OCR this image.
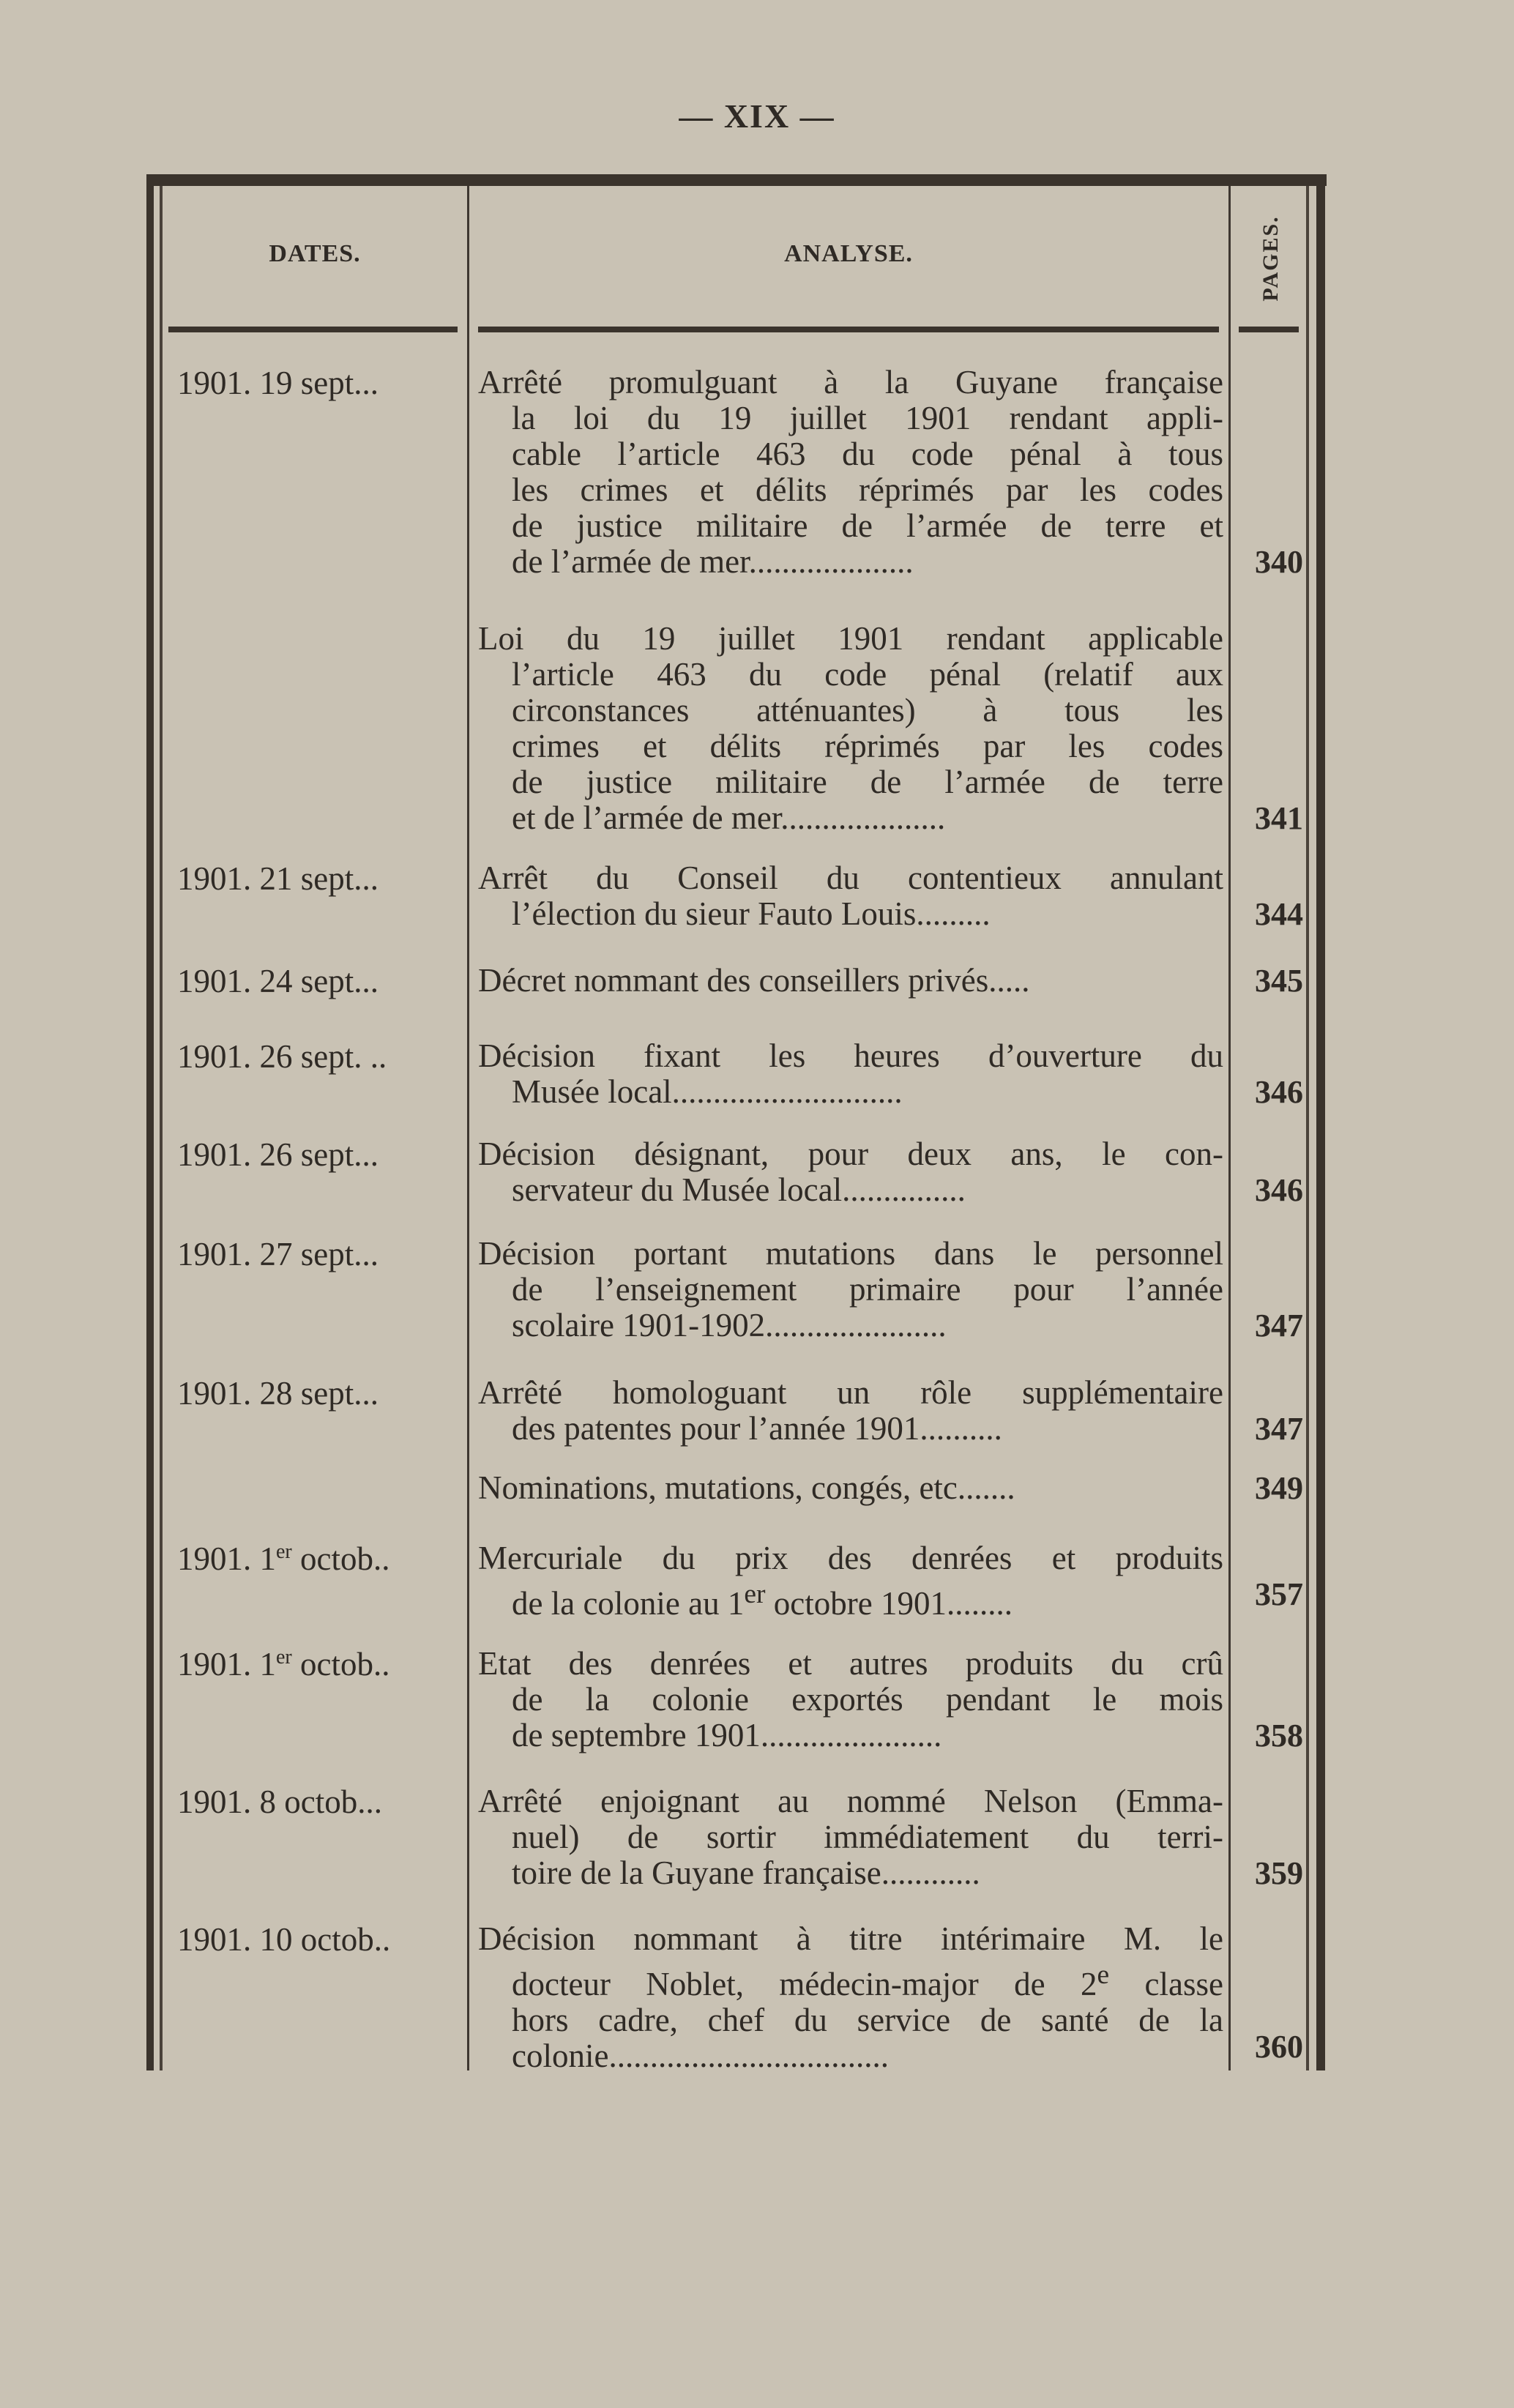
— XIX —
DATES.	ANALYSE.	PAGES.
1901. 19 sept...	Arrêté promulguant à la Guyane française
la loi du 19 juillet 1901 rendant appli-
cable l’article 463 du code pénal à tous
les crimes et délits réprimés par les codes
de justice militaire de l’armée de terre et
de l’armée de mer....................	340
Loi du 19 juillet 1901 rendant applicable
l’article 463 du code pénal (relatif aux
circonstances atténuantes) à tous les
crimes et délits réprimés par les codes
de justice militaire de l’armée de terre
et de l’armée de mer....................	341
1901. 21 sept...	Arrêt du Conseil du contentieux annulant
l’élection du sieur Fauto Louis.........	344
1901. 24 sept...	Décret nommant des conseillers privés.....	345
1901. 26 sept. ..	Décision fixant les heures d’ouverture du
Musée local............................	346
1901. 26 sept...	Décision désignant, pour deux ans, le con-
servateur du Musée local...............	346
1901. 27 sept...	Décision portant mutations dans le personnel
de l’enseignement primaire pour l’année
scolaire 1901-1902......................	347
1901. 28 sept...	Arrêté homologuant un rôle supplémentaire
des patentes pour l’année 1901..........	347
Nominations, mutations, congés, etc.......	349
1901. 1er octob..	Mercuriale du prix des denrées et produits
de la colonie au 1er octobre 1901........	357
1901. 1er octob..	Etat des denrées et autres produits du crû
de la colonie exportés pendant le mois
de septembre 1901......................	358
1901. 8 octob...	Arrêté enjoignant au nommé Nelson (Emma-
nuel) de sortir immédiatement du terri-
toire de la Guyane française............	359
1901. 10 octob..	Décision nommant à titre intérimaire M. le
docteur Noblet, médecin-major de 2e classe
hors cadre, chef du service de santé de la
colonie..................................	360
